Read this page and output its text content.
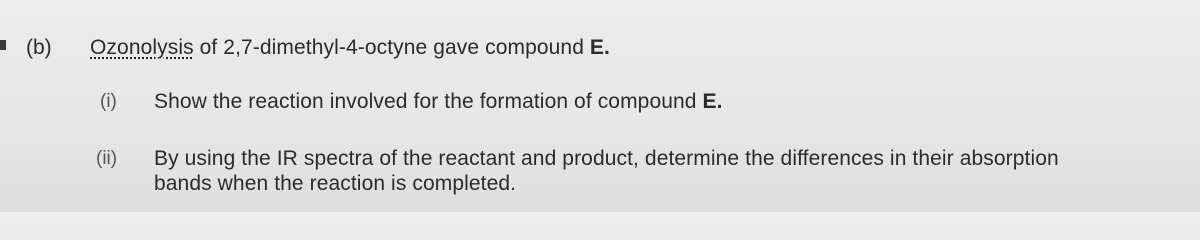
(b) Ozonolysis of 2,7-dimethyl-4-octyne gave compound E.
(i) Show the reaction involved for the formation of compound E.
(ii) By using the IR spectra of the reactant and product, determine the differences in their absorption
bands when the reaction is completed.
